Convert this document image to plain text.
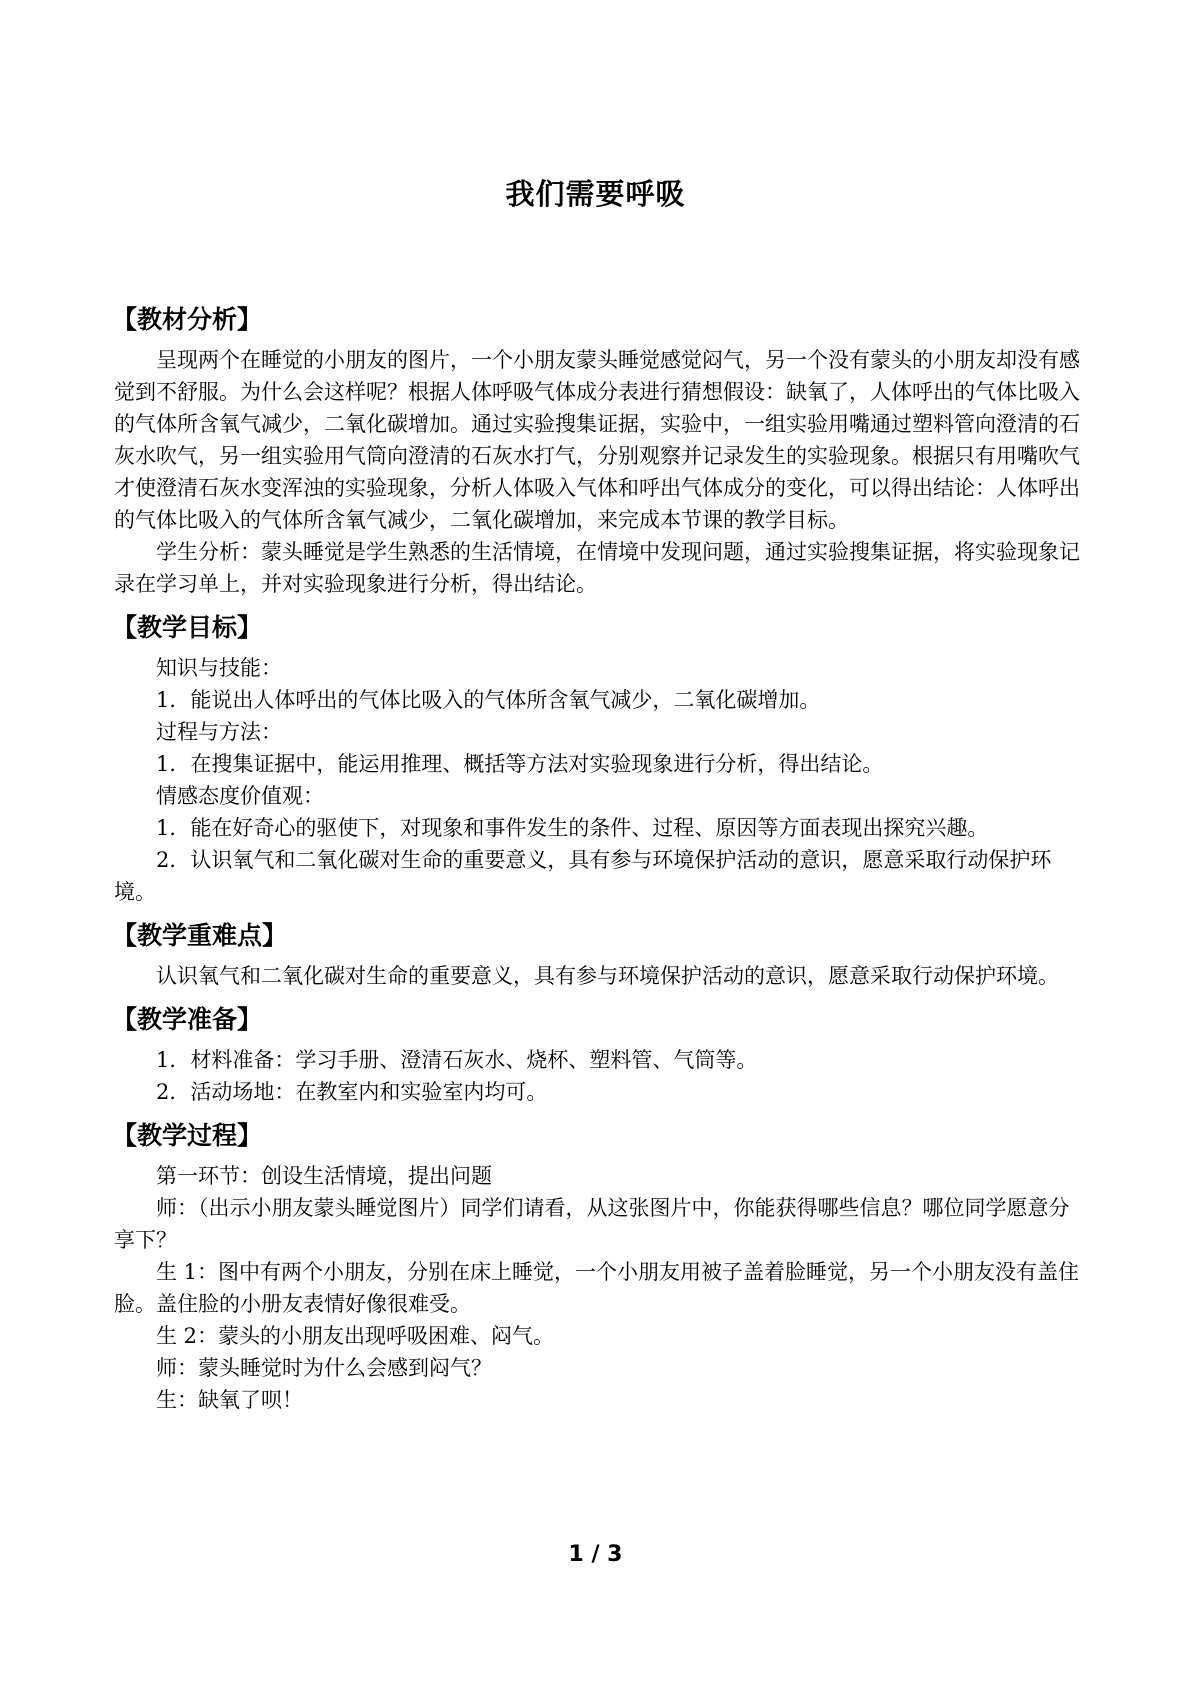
我们需要呼吸
【教材分析】

呈现两个在睡觉的小朋友的图片，一个小朋友蒙头睡觉感觉闷气，另一个没有蒙头的小朋友却没有感觉到不舒服。为什么会这样呢？根据人体呼吸气体成分表进行猜想假设：缺氧了，人体呼出的气体比吸入的气体所含氧气减少，二氧化碳增加。通过实验搜集证据，实验中，一组实验用嘴通过塑料管向澄清的石灰水吹气，另一组实验用气筒向澄清的石灰水打气，分别观察并记录发生的实验现象。根据只有用嘴吹气才使澄清石灰水变浑浊的实验现象，分析人体吸入气体和呼出气体成分的变化，可以得出结论：人体呼出的气体比吸入的气体所含氧气减少，二氧化碳增加，来完成本节课的教学目标。

学生分析：蒙头睡觉是学生熟悉的生活情境，在情境中发现问题，通过实验搜集证据，将实验现象记录在学习单上，并对实验现象进行分析，得出结论。

【教学目标】

知识与技能：

1．能说出人体呼出的气体比吸入的气体所含氧气减少，二氧化碳增加。

过程与方法：

1．在搜集证据中，能运用推理、概括等方法对实验现象进行分析，得出结论。

情感态度价值观：

1．能在好奇心的驱使下，对现象和事件发生的条件、过程、原因等方面表现出探究兴趣。

2．认识氧气和二氧化碳对生命的重要意义，具有参与环境保护活动的意识，愿意采取行动保护环境。

【教学重难点】

认识氧气和二氧化碳对生命的重要意义，具有参与环境保护活动的意识，愿意采取行动保护环境。

【教学准备】

1．材料准备：学习手册、澄清石灰水、烧杯、塑料管、气筒等。

2．活动场地：在教室内和实验室内均可。

【教学过程】

第一环节：创设生活情境，提出问题

师：（出示小朋友蒙头睡觉图片）同学们请看，从这张图片中，你能获得哪些信息？哪位同学愿意分享下？

生 1：图中有两个小朋友，分别在床上睡觉，一个小朋友用被子盖着脸睡觉，另一个小朋友没有盖住脸。盖住脸的小册友表情好像很难受。

生 2：蒙头的小朋友出现呼吸困难、闷气。

师：蒙头睡觉时为什么会感到闷气？

生：缺氧了呗！

1 / 3
